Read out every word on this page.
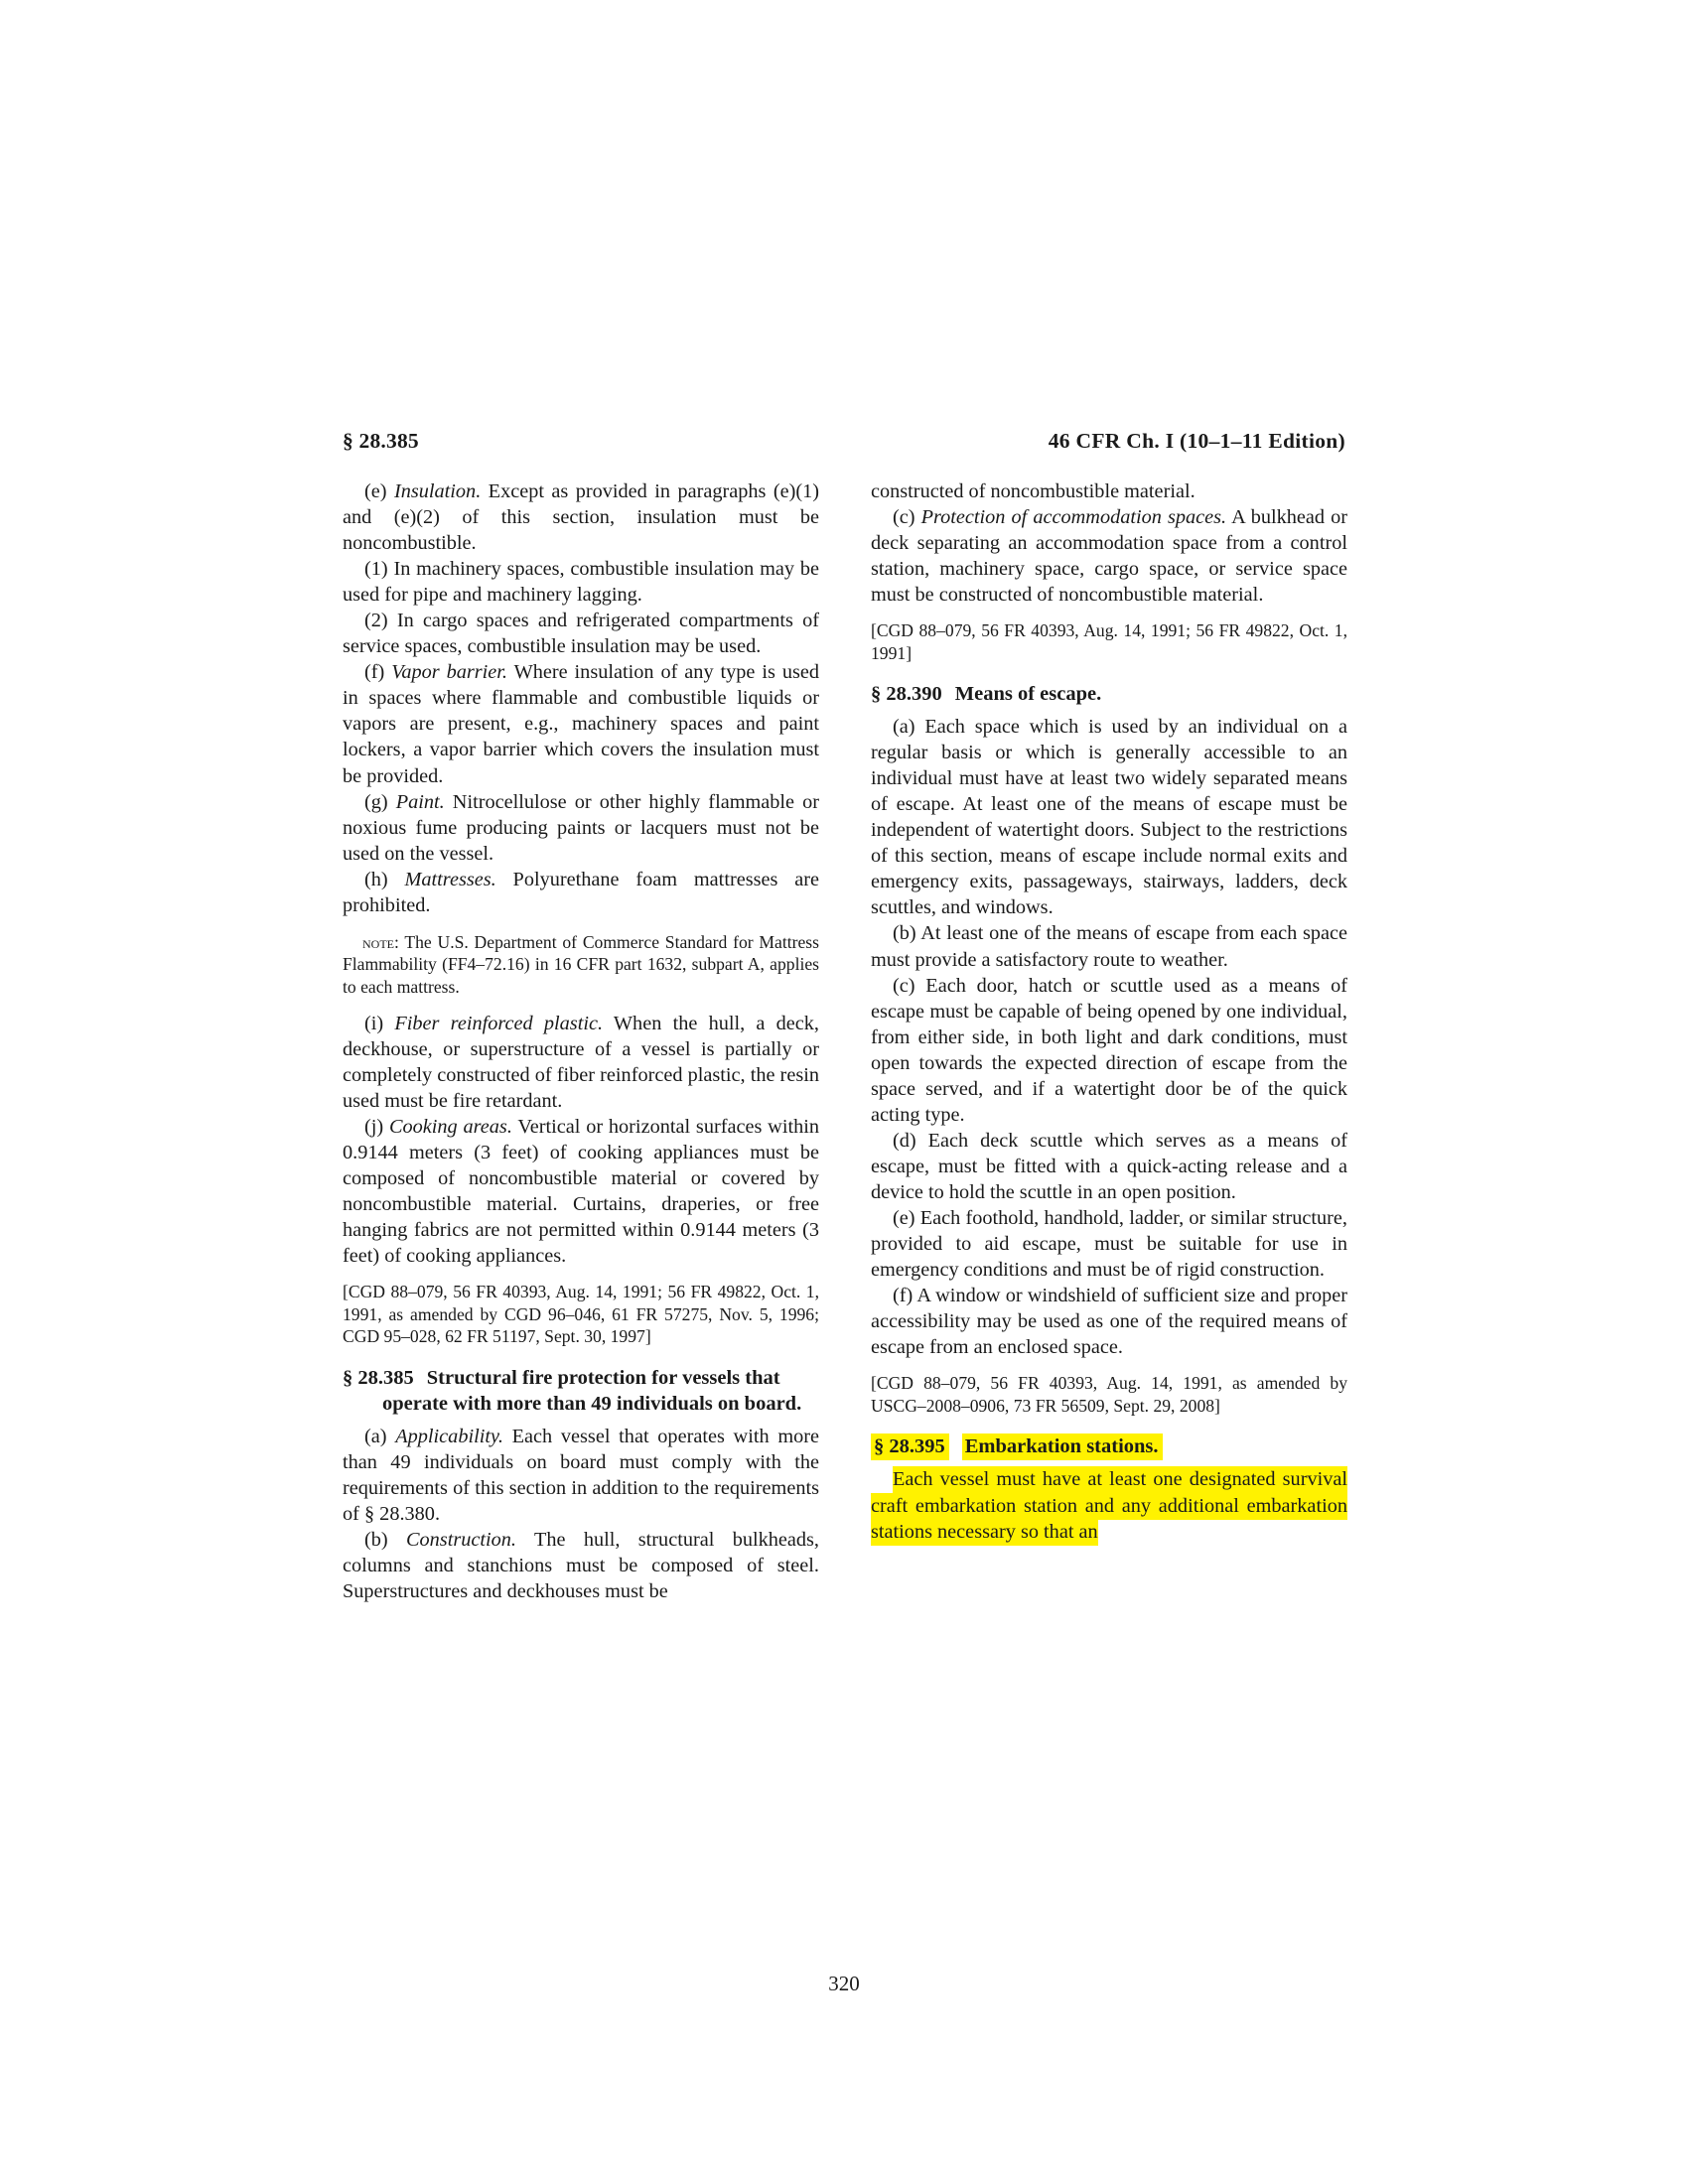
§ 28.385	46 CFR Ch. I (10–1–11 Edition)

(e) Insulation. Except as provided in paragraphs (e)(1) and (e)(2) of this section, insulation must be noncombustible.

(1) In machinery spaces, combustible insulation may be used for pipe and machinery lagging.

(2) In cargo spaces and refrigerated compartments of service spaces, combustible insulation may be used.

(f) Vapor barrier. Where insulation of any type is used in spaces where flammable and combustible liquids or vapors are present, e.g., machinery spaces and paint lockers, a vapor barrier which covers the insulation must be provided.

(g) Paint. Nitrocellulose or other highly flammable or noxious fume producing paints or lacquers must not be used on the vessel.

(h) Mattresses. Polyurethane foam mattresses are prohibited.

note: The U.S. Department of Commerce Standard for Mattress Flammability (FF4–72.16) in 16 CFR part 1632, subpart A, applies to each mattress.

(i) Fiber reinforced plastic. When the hull, a deck, deckhouse, or superstructure of a vessel is partially or completely constructed of fiber reinforced plastic, the resin used must be fire retardant.

(j) Cooking areas. Vertical or horizontal surfaces within 0.9144 meters (3 feet) of cooking appliances must be composed of noncombustible material or covered by noncombustible material. Curtains, draperies, or free hanging fabrics are not permitted within 0.9144 meters (3 feet) of cooking appliances.

[CGD 88–079, 56 FR 40393, Aug. 14, 1991; 56 FR 49822, Oct. 1, 1991, as amended by CGD 96–046, 61 FR 57275, Nov. 5, 1996; CGD 95–028, 62 FR 51197, Sept. 30, 1997]

§ 28.385 Structural fire protection for vessels that operate with more than 49 individuals on board.

(a) Applicability. Each vessel that operates with more than 49 individuals on board must comply with the requirements of this section in addition to the requirements of § 28.380.

(b) Construction. The hull, structural bulkheads, columns and stanchions must be composed of steel. Superstructures and deckhouses must be

constructed of noncombustible material.

(c) Protection of accommodation spaces. A bulkhead or deck separating an accommodation space from a control station, machinery space, cargo space, or service space must be constructed of noncombustible material.

[CGD 88–079, 56 FR 40393, Aug. 14, 1991; 56 FR 49822, Oct. 1, 1991]

§ 28.390 Means of escape.

(a) Each space which is used by an individual on a regular basis or which is generally accessible to an individual must have at least two widely separated means of escape. At least one of the means of escape must be independent of watertight doors. Subject to the restrictions of this section, means of escape include normal exits and emergency exits, passageways, stairways, ladders, deck scuttles, and windows.

(b) At least one of the means of escape from each space must provide a satisfactory route to weather.

(c) Each door, hatch or scuttle used as a means of escape must be capable of being opened by one individual, from either side, in both light and dark conditions, must open towards the expected direction of escape from the space served, and if a watertight door be of the quick acting type.

(d) Each deck scuttle which serves as a means of escape, must be fitted with a quick-acting release and a device to hold the scuttle in an open position.

(e) Each foothold, handhold, ladder, or similar structure, provided to aid escape, must be suitable for use in emergency conditions and must be of rigid construction.

(f) A window or windshield of sufficient size and proper accessibility may be used as one of the required means of escape from an enclosed space.

[CGD 88–079, 56 FR 40393, Aug. 14, 1991, as amended by USCG–2008–0906, 73 FR 56509, Sept. 29, 2008]

§ 28.395 Embarkation stations.

Each vessel must have at least one designated survival craft embarkation station and any additional embarkation stations necessary so that an

320
